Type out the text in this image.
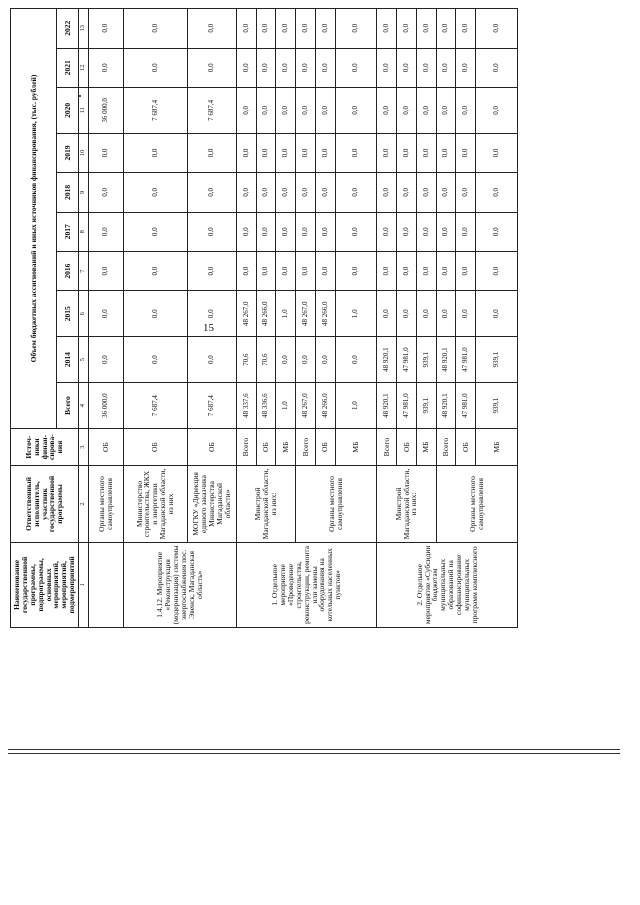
15
Наименование государственной программы, подпрограммы, основных мероприятий, мероприятий, подмероприятий	Ответственный исполнитель, участник государственной программы	Источ-ники финан-сирова-ния	Объем бюджетных ассигнований и иных источников финансирования, (тыс. рублей)									
			Всего	2014	2015	2016	2017	2018	2019	2020	2021	2022
1	2	3	4	5	6	7	8	9	10	11	12	13
	Органы местного самоуправления	ОБ	36 000,0	0,0	0,0	0,0	0,0	0,0	0,0	36 000,0	0,0	0,0
1.4.12. Мероприятие «Реконструкция (модернизация) системы энергоснабжения пос. Эвенск, Магаданская область»	Министерство строительства, ЖКХ и энергетики Магаданской области, из них	ОБ	7 687,4	0,0	0,0	0,0	0,0	0,0	0,0	7 687,4	0,0	0,0
	МОГКУ «Дирекция единого заказчика Министерства Магаданской области»	ОБ	7 687,4	0,0	0,0	0,0	0,0	0,0	0,0	7 687,4	0,0	0,0
1. Отдельное мероприятие «Проведение строительства, реконструкции, ремонта или замены оборудования на котельных населенных пунктов»	Минстрой Магаданской области, из них:	Всего	48 337,6	70,6	48 267,0	0,0	0,0	0,0	0,0	0,0	0,0	0,0
		ОБ	48 336,6	70,6	48 266,0	0,0	0,0	0,0	0,0	0,0	0,0	0,0
		МБ	1,0	0,0	1,0	0,0	0,0	0,0	0,0	0,0	0,0	0,0
	Органы местного самоуправления	Всего	48 267,0	0,0	48 267,0	0,0	0,0	0,0	0,0	0,0	0,0	0,0
		ОБ	48 266,0	0,0	48 266,0	0,0	0,0	0,0	0,0	0,0	0,0	0,0
		МБ	1,0	0,0	1,0	0,0	0,0	0,0	0,0	0,0	0,0	0,0
2. Отдельное мероприятие «Субсидии бюджетам муниципальных образований на софинансирование муниципальных программ комплексного	Минстрой Магаданской области, из них:	Всего	48 920,1	48 920,1	0,0	0,0	0,0	0,0	0,0	0,0	0,0	0,0
		ОБ	47 981,0	47 981,0	0,0	0,0	0,0	0,0	0,0	0,0	0,0	0,0
		МБ	939,1	939,1	0,0	0,0	0,0	0,0	0,0	0,0	0,0	0,0
	Органы местного самоуправления	Всего	48 920,1	48 920,1	0,0	0,0	0,0	0,0	0,0	0,0	0,0	0,0
		ОБ	47 981,0	47 981,0	0,0	0,0	0,0	0,0	0,0	0,0	0,0	0,0
		МБ	939,1	939,1	0,0	0,0	0,0	0,0	0,0	0,0	0,0	0,0
